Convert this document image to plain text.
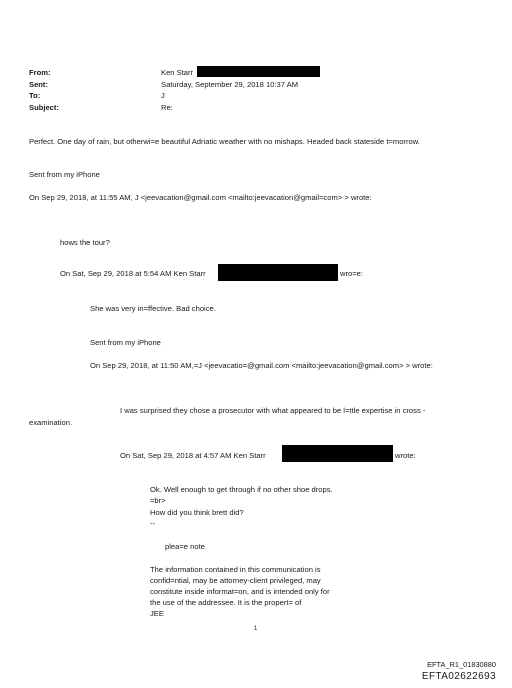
From:	Ken Starr
Sent:	Saturday, September 29, 2018 10:37 AM
To:	J
Subject:	Re:
Perfect. One day of rain, but otherwi=e beautiful Adriatic weather with no mishaps. Headed back stateside t=morrow.
Sent from my iPhone
On Sep 29, 2018, at 11:55 AM, J <jeevacation@gmail.com <mailto:jeevacation@gmail=com> > wrote:
hows the tour?
On Sat, Sep 29, 2018 at 5:54 AM Ken Starr	wro=e:
She was very in=ffective. Bad choice.
Sent from my iPhone
On Sep 29, 2018, at 11:50 AM,=J <jeevacatio=@gmail.com <mailto:jeevacation@gmail.com> > wrote:
I was surprised they chose a prosecutor with what appeared to be l=ttle expertise in cross -
examination.
On Sat, Sep 29, 2018 at 4:57 AM Ken Starr	wrote:
Ok. Well enough to get through if no other shoe drops.
=br>
How did you think brett did?
--
plea=e note
The information contained in this communication is
confid=ntial, may be attorney-client privileged, may
constitute inside informat=on, and is intended only for
the use of the addressee. It is the propert= of
JEE
1
EFTA_R1_01830880
EFTA02622693
